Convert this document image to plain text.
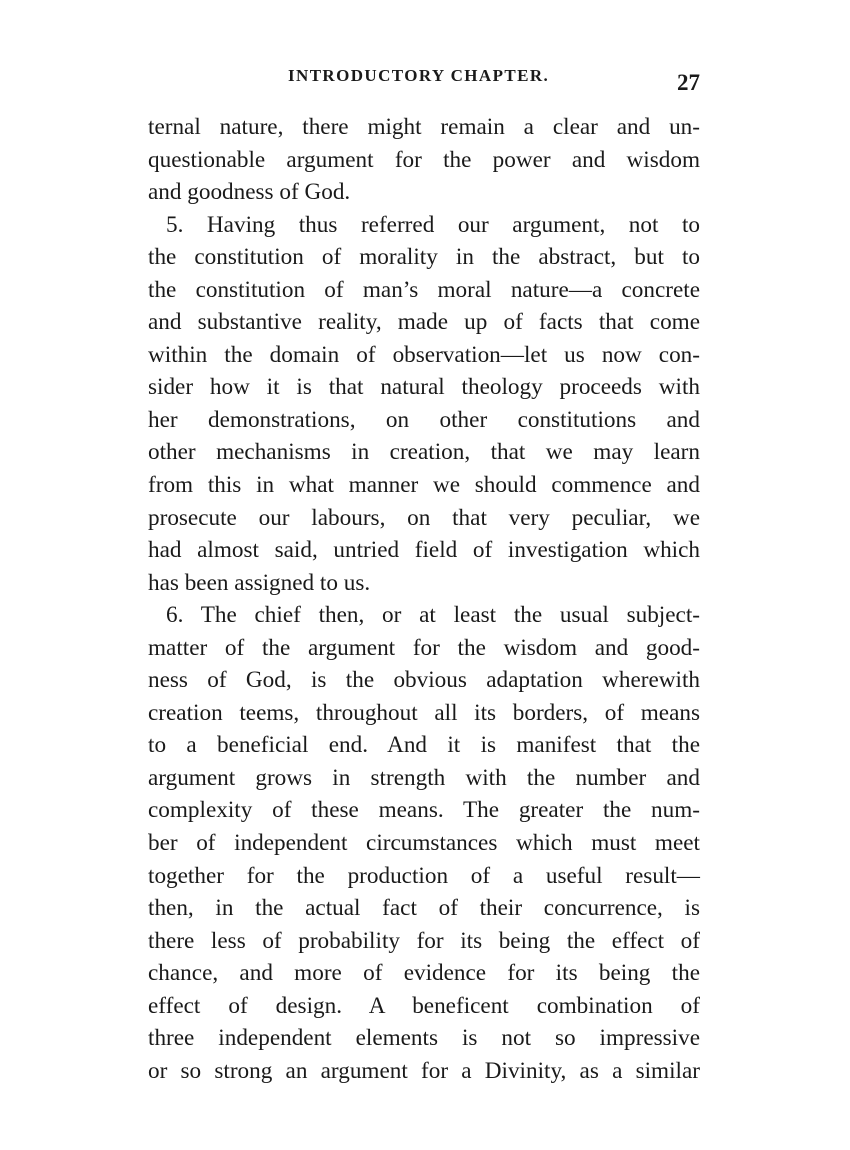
INTRODUCTORY CHAPTER.	27
ternal nature, there might remain a clear and un-
questionable argument for the power and wisdom
and goodness of God.
5. Having thus referred our argument, not to
the constitution of morality in the abstract, but to
the constitution of man’s moral nature—a concrete
and substantive reality, made up of facts that come
within the domain of observation—let us now con-
sider how it is that natural theology proceeds with
her demonstrations, on other constitutions and
other mechanisms in creation, that we may learn
from this in what manner we should commence and
prosecute our labours, on that very peculiar, we
had almost said, untried field of investigation which
has been assigned to us.
6. The chief then, or at least the usual subject-
matter of the argument for the wisdom and good-
ness of God, is the obvious adaptation wherewith
creation teems, throughout all its borders, of means
to a beneficial end. And it is manifest that the
argument grows in strength with the number and
complexity of these means. The greater the num-
ber of independent circumstances which must meet
together for the production of a useful result—
then, in the actual fact of their concurrence, is
there less of probability for its being the effect of
chance, and more of evidence for its being the
effect of design. A beneficent combination of
three independent elements is not so impressive
or so strong an argument for a Divinity, as a similar
